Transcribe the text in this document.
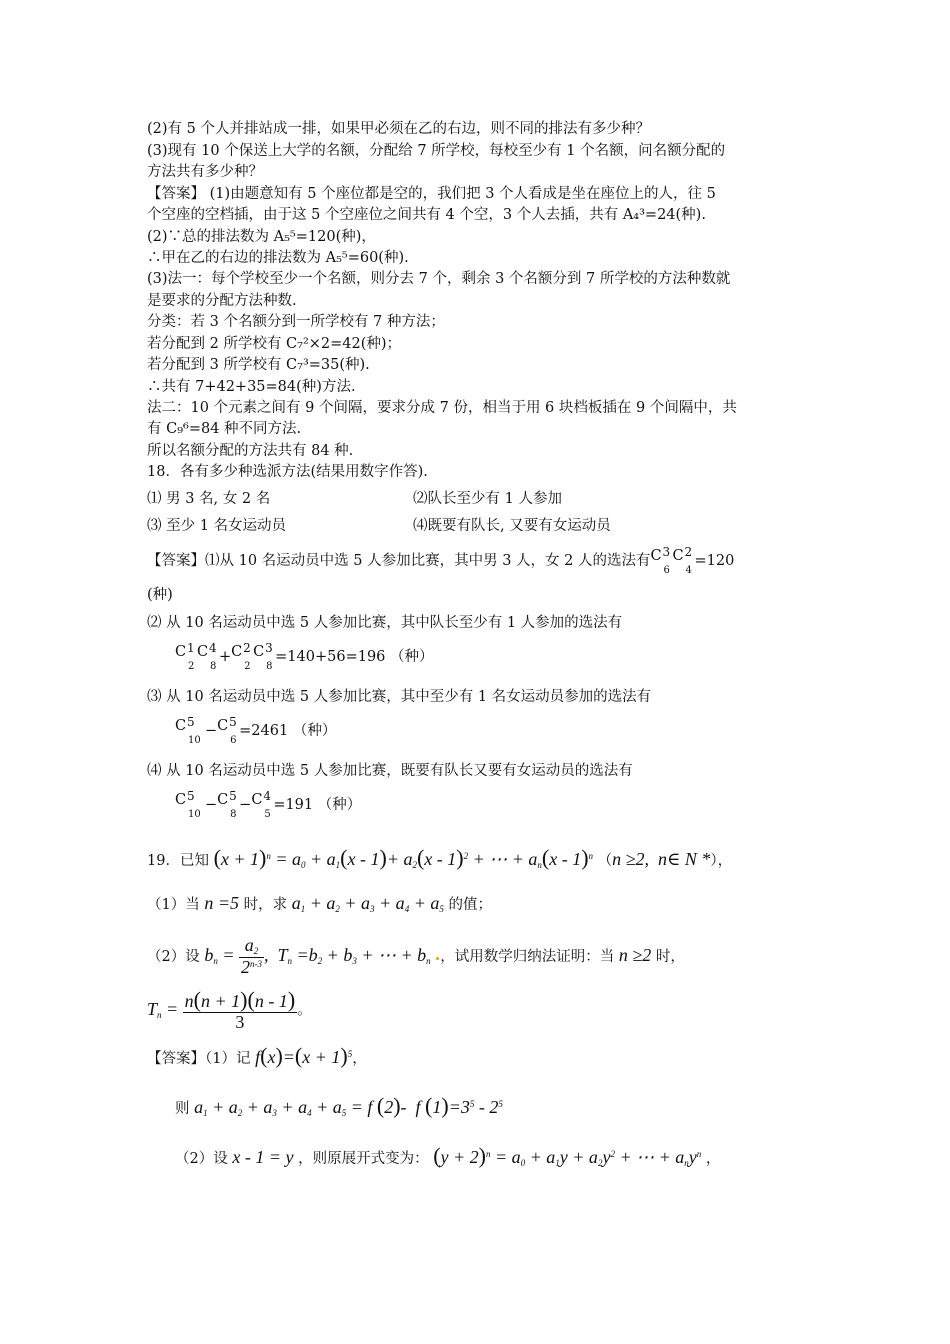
(2)有 5 个人并排站成一排，如果甲必须在乙的右边，则不同的排法有多少种？
(3)现有 10 个保送上大学的名额，分配给 7 所学校，每校至少有 1 个名额，问名额分配的
方法共有多少种？
【答案】 (1)由题意知有 5 个座位都是空的，我们把 3 个人看成是坐在座位上的人，往 5
个空座的空档插，由于这 5 个空座位之间共有 4 个空，3 个人去插，共有 A₄³=24(种).
(2)∵总的排法数为 A₅⁵=120(种)，
∴甲在乙的右边的排法数为 A₅⁵=60(种).
(3)法一：每个学校至少一个名额，则分去 7 个，剩余 3 个名额分到 7 所学校的方法种数就
是要求的分配方法种数.
分类：若 3 个名额分到一所学校有 7 种方法；
若分配到 2 所学校有 C₇²×2=42(种)；
若分配到 3 所学校有 C₇³=35(种).
∴共有 7+42+35=84(种)方法.
法二：10 个元素之间有 9 个间隔，要求分成 7 份，相当于用 6 块档板插在 9 个间隔中，共
有 C₉⁶=84 种不同方法.
所以名额分配的方法共有 84 种.
18．各有多少种选派方法(结果用数字作答).
⑴ 男 3 名, 女 2 名	⑵队长至少有 1 人参加
⑶ 至少 1 名女运动员	⑷既要有队长, 又要有女运动员
【答案】⑴从 10 名运动员中选 5 人参加比赛，其中男 3 人，女 2 人的选法有 C 3
6
C 2
4
=120
(种)
⑵ 从 10 名运动员中选 5 人参加比赛，其中队长至少有 1 人参加的选法有
C 1
2
C 4
8
+ C 2
2
C 3
8
=140+56=196 （种）
⑶ 从 10 名运动员中选 5 人参加比赛，其中至少有 1 名女运动员参加的选法有
C 5
10
− C 5
6
=2461 （种）
⑷ 从 10 名运动员中选 5 人参加比赛，既要有队长又要有女运动员的选法有
C 5
10
− C 5
8
− C 4
5
=191 （种）
19．已知 $(x + 1)^n = a_0 + a_1(x - 1)+ a_2(x - 1)^2$ + ⋯ + $a_n(x - 1)^n$ （n ≥2,  n∈ N *），
（1）当 n =5 时，求 $a_1 + a_2 + a_3 + a_4 + a_5$ 的值；
（2）设 $b_n = \frac{a_2}{2^{n-3}}$ ,  $T_n =b_2 + b_3$ + ⋯ + $b_n$ ，试用数学归纳法证明：当 n ≥2 时，
$T_n = \frac{n(n + 1)(n - 1)}{3}$ 。
【答案】（1）记 $f(x)=(x + 1)^5$，
则 $a_1 + a_2 + a_3 + a_4 + a_5 = f$ (2)-  f $(1)=3^5 - 2^5$
（2）设 x - 1 = y ，则原展开式变为： $(y + 2)^n = a_0 + a_1y + a_2y^2$ + ⋯ + $a_ny^n$ ，
